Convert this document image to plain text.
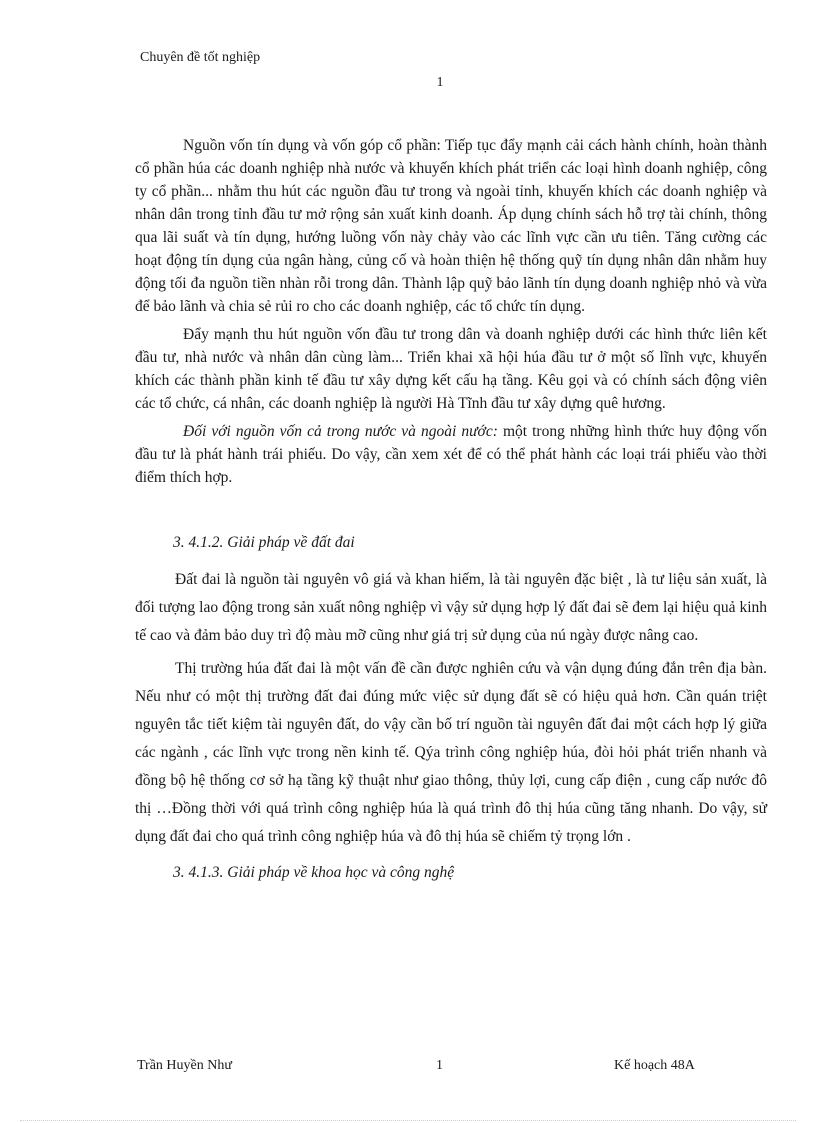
Chuyên đề tốt nghiệp
1

Nguồn vốn tín dụng và vốn góp cổ phần: Tiếp tục đẩy mạnh cải cách hành chính, hoàn thành cổ phần húa các doanh nghiệp nhà nước và khuyến khích phát triển các loại hình doanh nghiệp, công ty cổ phần... nhằm thu hút các nguồn đầu tư trong và ngoài tỉnh, khuyến khích các doanh nghiệp và nhân dân trong tỉnh đầu tư mở rộng sản xuất kinh doanh. Áp dụng chính sách hỗ trợ tài chính, thông qua lãi suất và tín dụng, hướng luồng vốn này chảy vào các lĩnh vực cần ưu tiên. Tăng cường các hoạt động tín dụng của ngân hàng, củng cố và hoàn thiện hệ thống quỹ tín dụng nhân dân nhằm huy động tối đa nguồn tiền nhàn rỗi trong dân. Thành lập quỹ bảo lãnh tín dụng doanh nghiệp nhỏ và vừa để bảo lãnh và chia sẻ rủi ro cho các doanh nghiệp, các tổ chức tín dụng.

Đẩy mạnh thu hút nguồn vốn đầu tư trong dân và doanh nghiệp dưới các hình thức liên kết đầu tư, nhà nước và nhân dân cùng làm... Triển khai xã hội húa đầu tư ở một số lĩnh vực, khuyến khích các thành phần kinh tế đầu tư xây dựng kết cấu hạ tầng. Kêu gọi và có chính sách động viên các tổ chức, cá nhân, các doanh nghiệp là người Hà Tĩnh đầu tư xây dựng quê hương.

Đối với nguồn vốn cả trong nước và ngoài nước: một trong những hình thức huy động vốn đầu tư là phát hành trái phiếu. Do vậy, cần xem xét để có thể phát hành các loại trái phiếu vào thời điểm thích hợp.

3. 4.1.2. Giải pháp về đất đai

Đất đai là nguồn tài nguyên vô giá và khan hiếm, là tài nguyên đặc biệt , là tư liệu sản xuất, là đối tượng lao động trong sản xuất nông nghiệp vì vậy sử dụng hợp lý đất đai sẽ đem lại hiệu quả kinh tế cao và đảm bảo duy trì độ màu mỡ cũng như giá trị sử dụng của nú ngày được nâng cao.

Thị trường húa đất đai là một vấn đề cần được nghiên cứu và vận dụng đúng đắn trên địa bàn. Nếu như có một thị trường đất đai đúng mức việc sử dụng đất sẽ có hiệu quả hơn. Cần quán triệt nguyên tắc tiết kiệm tài nguyên đất, do vậy cần bố trí nguồn tài nguyên đất đai một cách hợp lý giữa các ngành , các lĩnh vực trong nền kinh tế. Qýa trình công nghiệp húa, đòi hỏi phát triển nhanh và đồng bộ hệ thống cơ sở hạ tầng kỹ thuật như giao thông, thủy lợi, cung cấp điện , cung cấp nước đô thị …Đồng thời với quá trình công nghiệp húa là quá trình đô thị húa cũng tăng nhanh. Do vậy, sử dụng đất đai cho quá trình công nghiệp húa và đô thị húa sẽ chiếm tỷ trọng lớn .

3. 4.1.3. Giải pháp về khoa học và công nghệ

Trần Huyền Như	1	Kế hoạch 48A
